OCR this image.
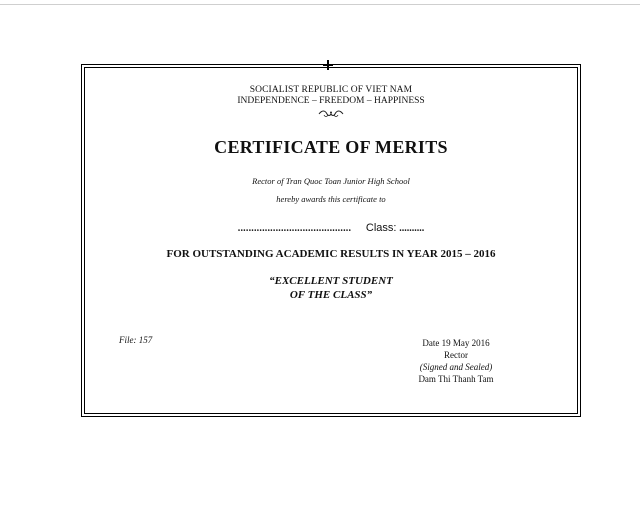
SOCIALIST REPUBLIC OF VIET NAM
INDEPENDENCE – FREEDOM – HAPPINESS
CERTIFICATE OF MERITS
Rector of Tran Quoc Toan Junior High School
hereby awards this certificate to
.......................................... Class: ..........
FOR OUTSTANDING ACADEMIC RESULTS IN YEAR 2015 – 2016
“EXCELLENT STUDENT
OF THE CLASS”
File: 157	Date 19 May 2016
Rector
(Signed and Sealed)
Dam Thi Thanh Tam
